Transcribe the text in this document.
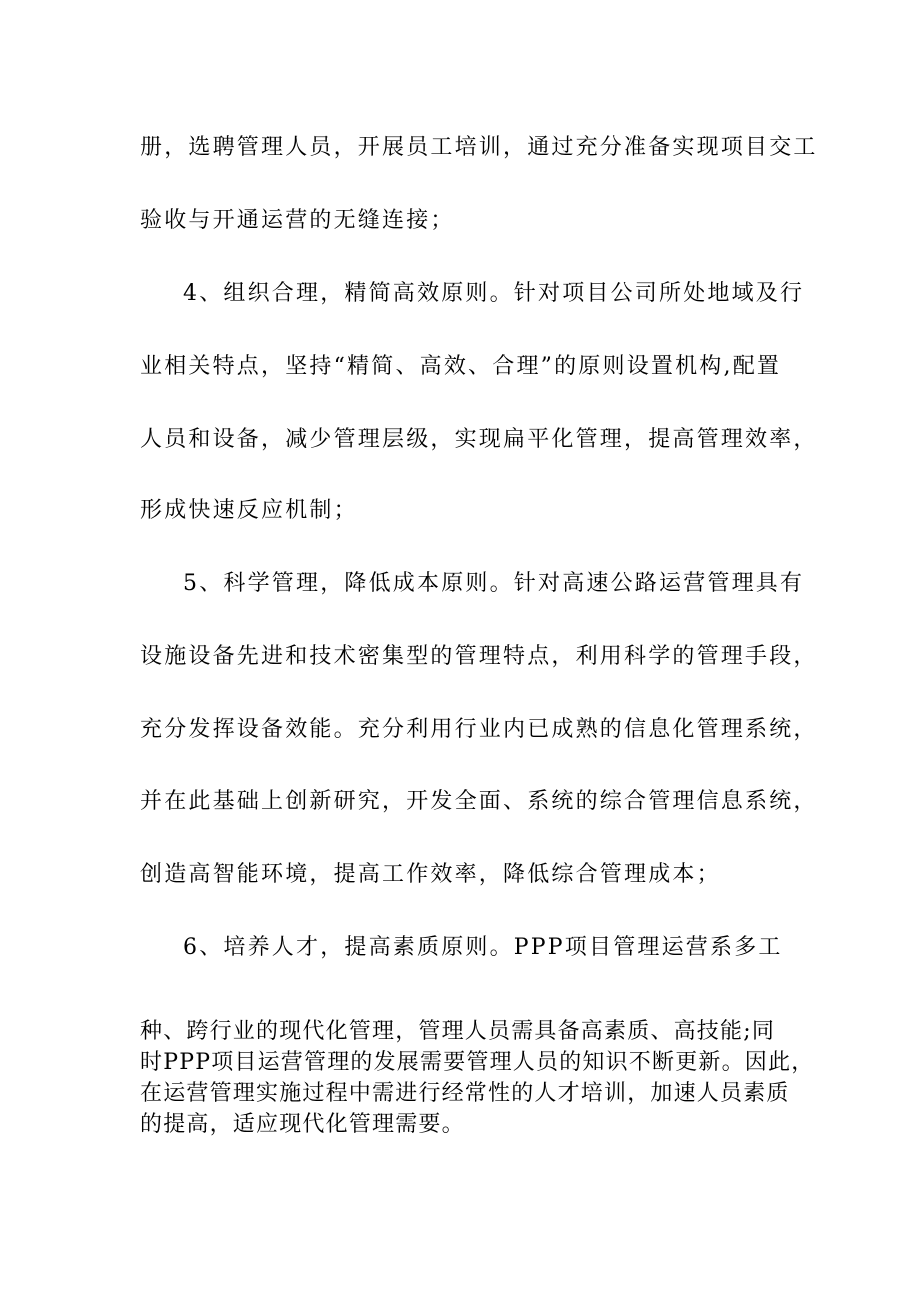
册，选聘管理人员，开展员工培训，通过充分准备实现项目交工
验收与开通运营的无缝连接；
4、组织合理，精简高效原则。针对项目公司所处地域及行
业相关特点，坚持“精简、高效、合理”的原则设置机构,配置
人员和设备，减少管理层级，实现扁平化管理，提高管理效率，
形成快速反应机制；
5、科学管理，降低成本原则。针对高速公路运营管理具有
设施设备先进和技术密集型的管理特点，利用科学的管理手段，
充分发挥设备效能。充分利用行业内已成熟的信息化管理系统，
并在此基础上创新研究，开发全面、系统的综合管理信息系统，
创造高智能环境，提高工作效率，降低综合管理成本；
6、培养人才，提高素质原则。PPP项目管理运营系多工
种、跨行业的现代化管理，管理人员需具备高素质、高技能;同
时PPP项目运营管理的发展需要管理人员的知识不断更新。因此，
在运营管理实施过程中需进行经常性的人才培训，加速人员素质
的提高，适应现代化管理需要。
